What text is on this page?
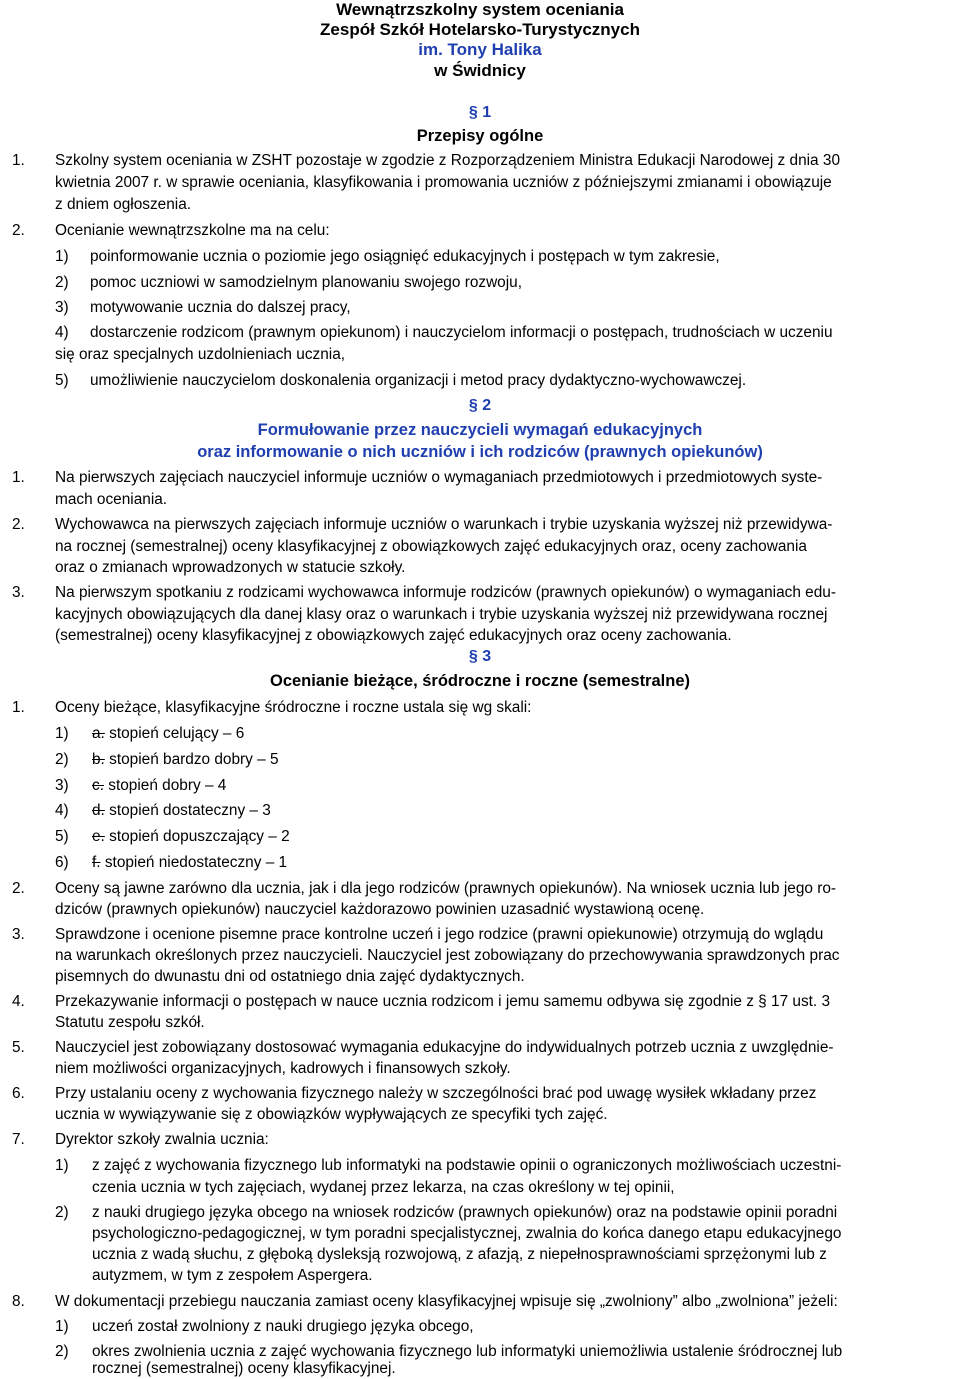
Wewnątrzszkolny system oceniania
Zespół Szkół Hotelarsko-Turystycznych
im. Tony Halika
w Świdnicy
§ 1
Przepisy ogólne
1. Szkolny system oceniania w ZSHT pozostaje w zgodzie z Rozporządzeniem Ministra Edukacji Narodowej z dnia 30
kwietnia 2007 r. w sprawie oceniania, klasyfikowania i promowania uczniów z późniejszymi zmianami i obowiązuje
z dniem ogłoszenia.
2. Ocenianie wewnątrzszkolne ma na celu:
1) poinformowanie ucznia o poziomie jego osiągnięć edukacyjnych i postępach w tym zakresie,
2) pomoc uczniowi w samodzielnym planowaniu swojego rozwoju,
3) motywowanie ucznia do dalszej pracy,
4) dostarczenie rodzicom (prawnym opiekunom) i nauczycielom informacji o postępach, trudnościach w uczeniu
się oraz specjalnych uzdolnieniach ucznia,
5) umożliwienie nauczycielom doskonalenia organizacji i metod pracy dydaktyczno-wychowawczej.
§ 2
Formułowanie przez nauczycieli wymagań edukacyjnych
oraz informowanie o nich uczniów i ich rodziców (prawnych opiekunów)
1. Na pierwszych zajęciach nauczyciel informuje uczniów o wymaganiach przedmiotowych i przedmiotowych syste-
mach oceniania.
2. Wychowawca na pierwszych zajęciach informuje uczniów o warunkach i trybie uzyskania wyższej niż przewidywa-
na rocznej (semestralnej) oceny klasyfikacyjnej z obowiązkowych zajęć edukacyjnych oraz, oceny zachowania
oraz o zmianach wprowadzonych w statucie szkoły.
3. Na pierwszym spotkaniu z rodzicami wychowawca informuje rodziców (prawnych opiekunów) o wymaganiach edu-
kacyjnych obowiązujących dla danej klasy oraz o warunkach i trybie uzyskania wyższej niż przewidywana rocznej
(semestralnej) oceny klasyfikacyjnej z obowiązkowych zajęć edukacyjnych oraz oceny zachowania.
§ 3
Ocenianie bieżące, śródroczne i roczne (semestralne)
1. Oceny bieżące, klasyfikacyjne śródroczne i roczne ustala się wg skali:
1) a. stopień celujący – 6
2) b. stopień bardzo dobry – 5
3) c. stopień dobry – 4
4) d. stopień dostateczny – 3
5) e. stopień dopuszczający – 2
6) f. stopień niedostateczny – 1
2. Oceny są jawne zarówno dla ucznia, jak i dla jego rodziców (prawnych opiekunów). Na wniosek ucznia lub jego ro-
dziców (prawnych opiekunów) nauczyciel każdorazowo powinien uzasadnić wystawioną ocenę.
3. Sprawdzone i ocenione pisemne prace kontrolne uczeń i jego rodzice (prawni opiekunowie) otrzymują do wglądu
na warunkach określonych przez nauczycieli. Nauczyciel jest zobowiązany do przechowywania sprawdzonych prac
pisemnych do dwunastu dni od ostatniego dnia zajęć dydaktycznych.
4. Przekazywanie informacji o postępach w nauce ucznia rodzicom i jemu samemu odbywa się zgodnie z § 17 ust. 3
Statutu zespołu szkół.
5. Nauczyciel jest zobowiązany dostosować wymagania edukacyjne do indywidualnych potrzeb ucznia z uwzględnie-
niem możliwości organizacyjnych, kadrowych i finansowych szkoły.
6. Przy ustalaniu oceny z wychowania fizycznego należy w szczególności brać pod uwagę wysiłek wkładany przez
ucznia w wywiązywanie się z obowiązków wypływających ze specyfiki tych zajęć.
7. Dyrektor szkoły zwalnia ucznia:
1) z zajęć z wychowania fizycznego lub informatyki na podstawie opinii o ograniczonych możliwościach uczestni-
czenia ucznia w tych zajęciach, wydanej przez lekarza, na czas określony w tej opinii,
2) z nauki drugiego języka obcego na wniosek rodziców (prawnych opiekunów) oraz na podstawie opinii poradni
psychologiczno-pedagogicznej, w tym poradni specjalistycznej, zwalnia do końca danego etapu edukacyjnego
ucznia z wadą słuchu, z głęboką dysleksją rozwojową, z afazją, z niepełnosprawnościami sprzężonymi lub z
autyzmem, w tym z zespołem Aspergera.
8. W dokumentacji przebiegu nauczania zamiast oceny klasyfikacyjnej wpisuje się „zwolniony” albo „zwolniona” jeżeli:
1) uczeń został zwolniony z nauki drugiego języka obcego,
2) okres zwolnienia ucznia z zajęć wychowania fizycznego lub informatyki uniemożliwia ustalenie śródrocznej lub
rocznej (semestralnej) oceny klasyfikacyjnej.
